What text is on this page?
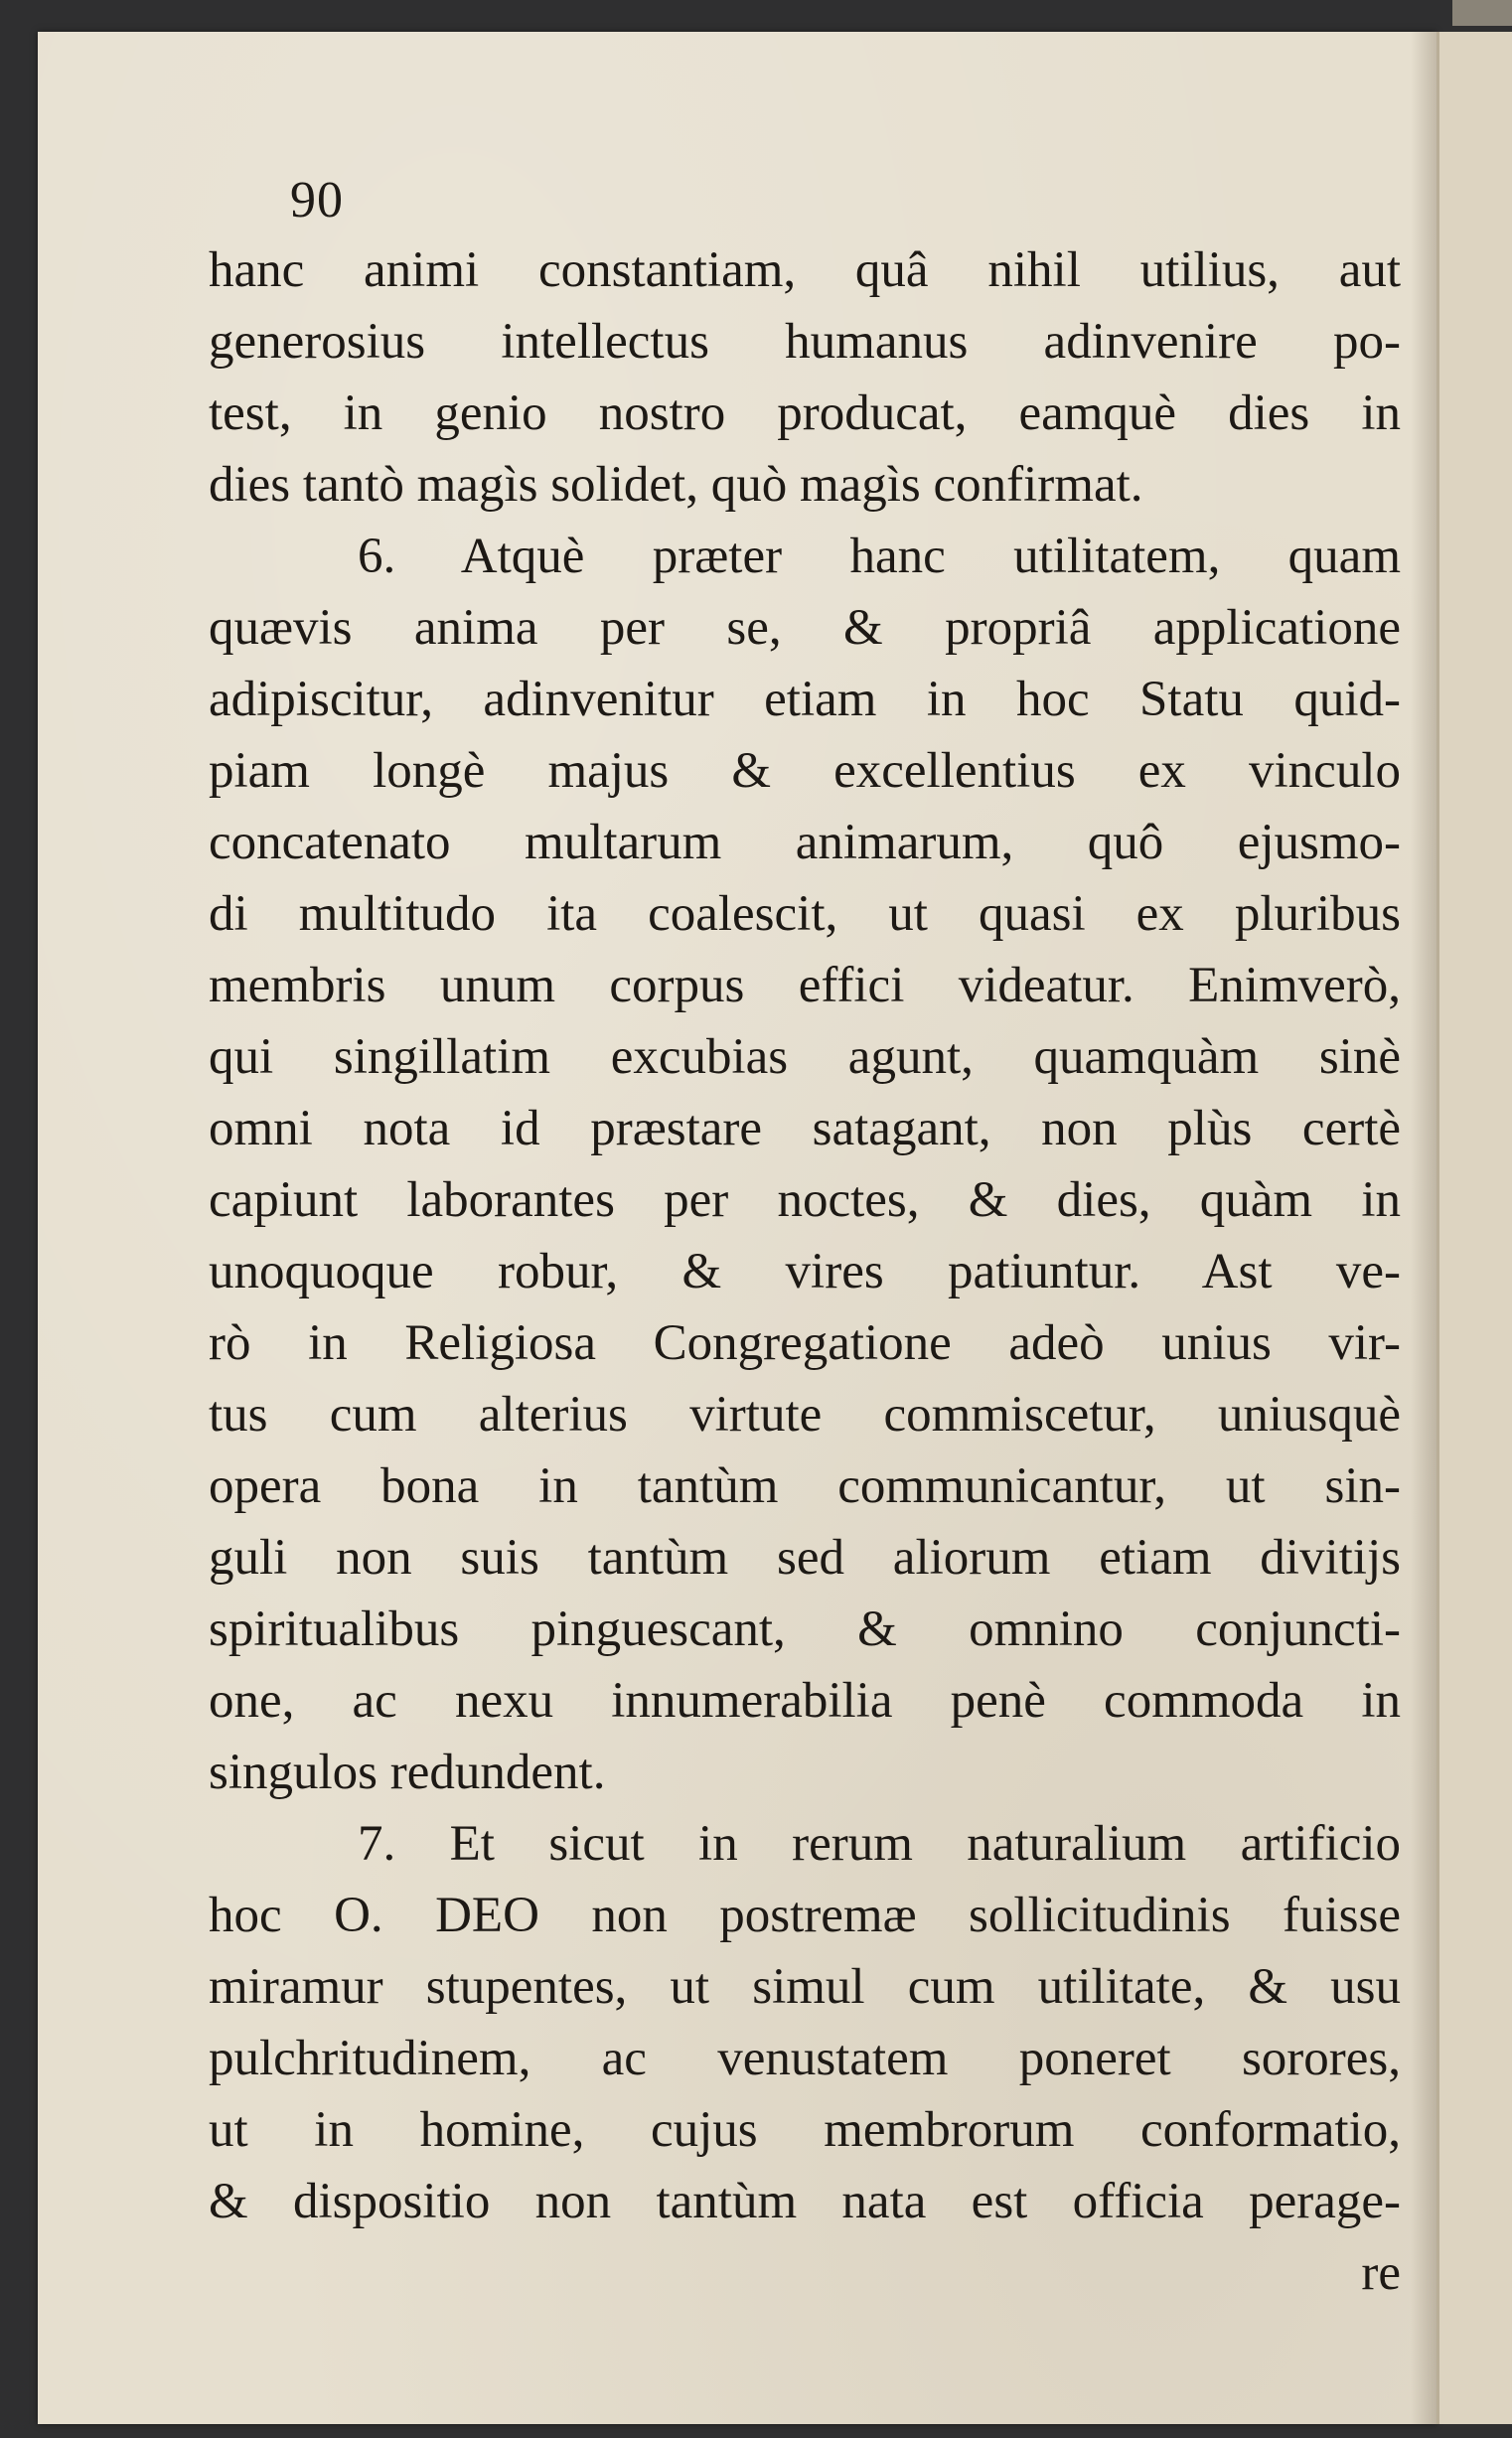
90
hanc animi constantiam, quâ nihil utilius, aut
generosius intellectus humanus adinvenire po-
test, in genio nostro producat, eamquè dies in
dies tantò magìs solidet, quò magìs confirmat.
6. Atquè præter hanc utilitatem, quam
quævis anima per se, & propriâ applicatione
adipiscitur, adinvenitur etiam in hoc Statu quid-
piam longè majus & excellentius ex vinculo
concatenato multarum animarum, quô ejusmo-
di multitudo ita coalescit, ut quasi ex pluribus
membris unum corpus effici videatur. Enimverò,
qui singillatim excubias agunt, quamquàm sinè
omni nota id præstare satagant, non plùs certè
capiunt laborantes per noctes, & dies, quàm in
unoquoque robur, & vires patiuntur. Ast ve-
rò in Religiosa Congregatione adeò unius vir-
tus cum alterius virtute commiscetur, uniusquè
opera bona in tantùm communicantur, ut sin-
guli non suis tantùm sed aliorum etiam divitijs
spiritualibus pinguescant, & omnino conjuncti-
one, ac nexu innumerabilia penè commoda in
singulos redundent.
7. Et sicut in rerum naturalium artificio
hoc O. DEO non postremæ sollicitudinis fuisse
miramur stupentes, ut simul cum utilitate, & usu
pulchritudinem, ac venustatem poneret sorores,
ut in homine, cujus membrorum conformatio,
& dispositio non tantùm nata est officia perage-
re
